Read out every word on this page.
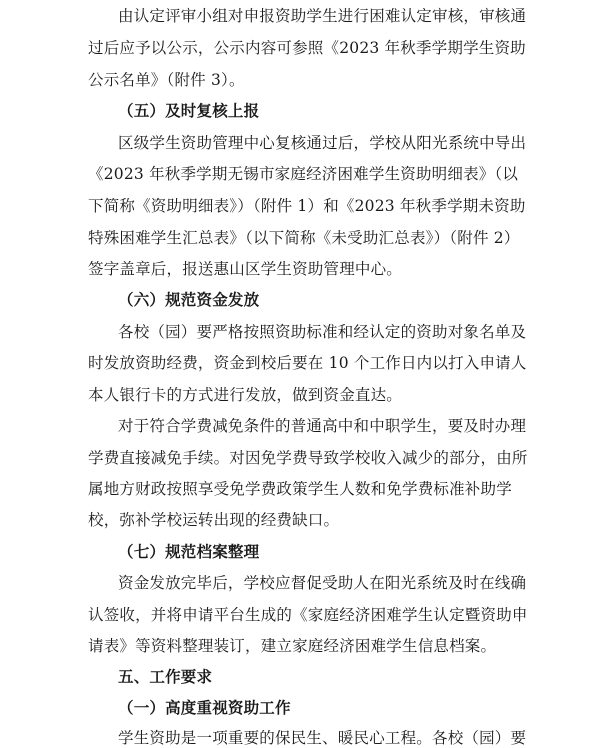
由认定评审小组对申报资助学生进行困难认定审核，审核通
过后应予以公示，公示内容可参照《2023 年秋季学期学生资助
公示名单》（附件 3）。
（五）及时复核上报
区级学生资助管理中心复核通过后，学校从阳光系统中导出
《2023 年秋季学期无锡市家庭经济困难学生资助明细表》（以
下简称《资助明细表》）（附件 1）和《2023 年秋季学期未资助
特殊困难学生汇总表》（以下简称《未受助汇总表》）（附件 2）
签字盖章后，报送惠山区学生资助管理中心。
（六）规范资金发放
各校（园）要严格按照资助标准和经认定的资助对象名单及
时发放资助经费，资金到校后要在 10 个工作日内以打入申请人
本人银行卡的方式进行发放，做到资金直达。
对于符合学费减免条件的普通高中和中职学生，要及时办理
学费直接减免手续。对因免学费导致学校收入减少的部分，由所
属地方财政按照享受免学费政策学生人数和免学费标准补助学
校，弥补学校运转出现的经费缺口。
（七）规范档案整理
资金发放完毕后，学校应督促受助人在阳光系统及时在线确
认签收，并将申请平台生成的《家庭经济困难学生认定暨资助申
请表》等资料整理装订，建立家庭经济困难学生信息档案。
五、工作要求
（一）高度重视资助工作
学生资助是一项重要的保民生、暖民心工程。各校（园）要
